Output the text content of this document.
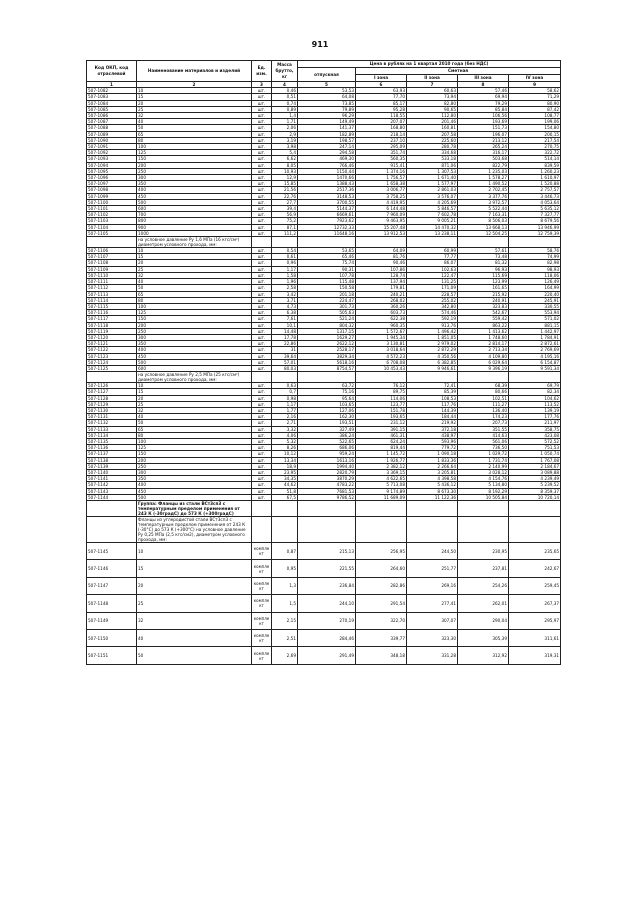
911
Код ОКП, код отраслевой	Наименование материалов и изделий	Ед. изм.	Масса брутто, кг	Цена в рублях на 1 квартал 2010 года (без НДС)				
				отпускная	Сметная			
					I зона	II зона	III зона	IV зона
1	2	3	4	5	6	7	8	9
507-1082	10	шт.	0,46	53,53	63,93	60,63	57,46	58,62
507-1083	15	шт.	0,51	64,08	77,70	73,94	69,94	71,29
507-1084	20	шт.	0,74	73,85	85,17	82,80	79,29	80,90
507-1085	25	шт.	0,89	79,89	95,28	90,65	85,84	87,42
507-1086	32	шт.	1,4	96,29	118,55	112,80	106,56	108,77
507-1087	40	шт.	1,71	149,49	207,07	201,46	193,69	199,06
507-1088	50	шт.	2,06	141,37	168,80	160,81	151,73	154,80
507-1089	65	шт.	2,9	182,89	218,14	207,58	196,07	200,15
507-1090	80	шт.	3,19	198,57	237,10	225,60	213,12	217,54
507-1091	100	шт.	3,98	247,14	295,09	280,78	265,24	270,75
507-1092	125	шт.	5,4	294,58	351,74	334,68	316,17	322,72
507-1093	150	шт.	6,62	469,30	560,35	533,18	503,68	514,14
507-1094	200	шт.	8,05	766,46	915,41	871,06	822,79	839,59
507-1095	250	шт.	10,93	1150,44	1 374,16	1 307,53	1 235,03	1 260,23
507-1096	300	шт.	12,9	1470,66	1 756,57	1 671,40	1 578,27	1 610,97
507-1097	350	шт.	15,85	1388,43	1 658,38	1 577,97	1 490,52	1 520,88
507-1098	400	шт.	21,56	2517,36	3 006,77	2 861,03	2 702,45	2 757,57
507-1099	450	шт.	22,76	3148,53	3 758,25	3 576,07	3 377,76	3 446,73
507-1100	500	шт.	27,7	3700,55	4 419,95	4 205,69	3 972,57	4 053,64
507-1101	600	шт.	39,4	5144,37	6 144,48	5 846,57	5 522,44	5 635,12
507-1102	700	шт.	56,9	6669,61	7 960,09	7 602,78	7 163,31	7 327,77
507-1103	800	шт.	75,2	7923,62	9 463,95	9 005,21	8 506,03	8 679,56
507-1104	900	шт.	87,1	12732,33	15 207,48	14 470,32	13 668,13	13 946,99
507-1105	1000	шт.	111,2	11648,16	13 912,53	13 238,11	12 504,25	12 759,39
	на условное давление Ру 1,6 МПа (16 кгс/см²) диаметром условного прохода, мм:							
507-1106	10	шт.	0,54	53,65	64,09	60,99	57,61	58,76
507-1107	15	шт.	0,61	65,46	81,76	77,77	73,48	74,99
507-1108	20	шт.	0,96	75,74	90,46	86,07	81,32	82,98
507-1109	25	шт.	1,17	90,31	107,86	102,63	96,93	98,93
507-1110	32	шт.	1,58	107,78	128,74	122,47	115,69	118,06
507-1111	40	шт.	1,96	115,48	137,94	131,25	123,99	126,49
507-1112	50	шт.	2,58	150,58	179,81	171,09	161,65	164,99
507-1113	65	шт.	3,42	201,18	240,21	228,57	215,92	220,40
507-1114	80	шт.	3,71	224,47	268,02	255,02	240,91	245,91
507-1115	100	шт.	4,73	301,73	360,26	342,80	323,83	330,55
507-1116	125	шт.	6,38	505,63	603,73	574,46	542,67	553,94
507-1117	150	шт.	7,61	521,24	622,38	592,19	559,42	571,02
507-1118	200	шт.	10,1	804,32	960,35	913,76	863,22	881,15
507-1119	250	шт.	14,48	1317,15	1 572,67	1 496,42	1 413,62	1 442,97
507-1120	300	шт.	17,78	1629,27	1 945,34	1 851,05	1 748,60	1 784,91
507-1121	350	шт.	22,86	2622,12	3 130,81	2 979,02	2 814,17	2 872,61
507-1122	400	шт.	31	2528,17	3 018,64	2 872,29	2 713,34	2 769,69
507-1123	450	шт.	39,64	3829,34	4 572,23	4 350,56	4 109,80	4 195,16
507-1124	500	шт.	57,01	5618,16	6 708,08	6 382,85	6 029,64	6 154,87
507-1125	600	шт.	80,03	8754,57	10 453,43	9 946,61	9 396,19	9 591,34
	на условное давление Ру 2,5 МПа (25 кгс/см²) диаметром условного прохода, мм:							
507-1126	10	шт.	0,63	63,72	76,12	72,41	68,39	69,79
507-1127	15	шт.	0,7	75,16	89,75	85,39	80,66	82,34
507-1128	20	шт.	0,98	95,64	114,06	108,53	102,51	104,62
507-1129	25	шт.	1,17	103,65	123,77	117,76	111,27	113,52
507-1130	32	шт.	1,77	127,06	151,78	144,39	136,40	139,19
507-1131	40	шт.	2,16	162,30	193,65	184,44	174,23	177,76
507-1132	50	шт.	2,71	193,51	231,12	219,92	207,73	211,97
507-1133	65	шт.	3,32	327,49	391,15	372,18	351,55	358,75
507-1134	80	шт.	4,06	386,24	461,31	438,97	414,63	423,08
507-1135	100	шт.	5,32	522,65	624,24	593,96	561,06	572,52
507-1136	125	шт.	8,26	686,06	819,44	779,72	736,50	751,53
507-1137	150	шт.	10,12	959,24	1 145,72	1 090,18	1 029,72	1 050,74
507-1138	200	шт.	13,34	1613,16	1 926,77	1 833,36	1 731,74	1 767,08
507-1139	250	шт.	18,9	1994,40	2 382,12	2 266,64	2 140,99	2 184,67
507-1140	300	шт.	23,95	2820,79	3 369,15	3 205,81	3 028,12	3 089,88
507-1141	350	шт.	34,35	3870,29	4 622,65	4 398,58	4 154,76	4 239,49
507-1142	400	шт.	44,62	4783,22	5 713,08	5 436,12	5 134,80	5 239,52
507-1143	450	шт.	51,8	7681,53	9 174,89	8 673,30	8 192,29	8 359,37
507-1144	500	шт.	67,5	9786,52	11 689,09	11 122,36	10 505,84	10 720,14
	Группа: Фланцы из стали ВСт3сп3 с температурным пределом применения от 243 К (-30градС) до 573 К (+300градС)							
	Фланцы из углеродистой стали ВСт3сп3 с температурным пределом применения от 243 К (-30°C) до 573 К (+300°C) на условное давление Ру 0,25 МПа (2,5 кгс/см2), диаметром условного прохода, мм:							
507-1145	10	компле кт	0,87	215,13	256,95	244,50	230,95	235,65
507-1146	15	компле кт	0,95	221,55	264,60	251,77	237,81	242,67
507-1147	20	компле кт	1,3	236,84	282,86	269,16	254,26	259,45
507-1148	25	компле кт	1,5	244,10	291,54	277,41	262,01	267,37
507-1149	32	компле кт	2,15	270,19	322,70	307,07	290,04	295,97
507-1150	40	компле кт	2,51	284,46	339,77	323,30	305,39	311,61
507-1151	50	компле кт	2,69	291,49	348,18	331,28	312,92	319,31
